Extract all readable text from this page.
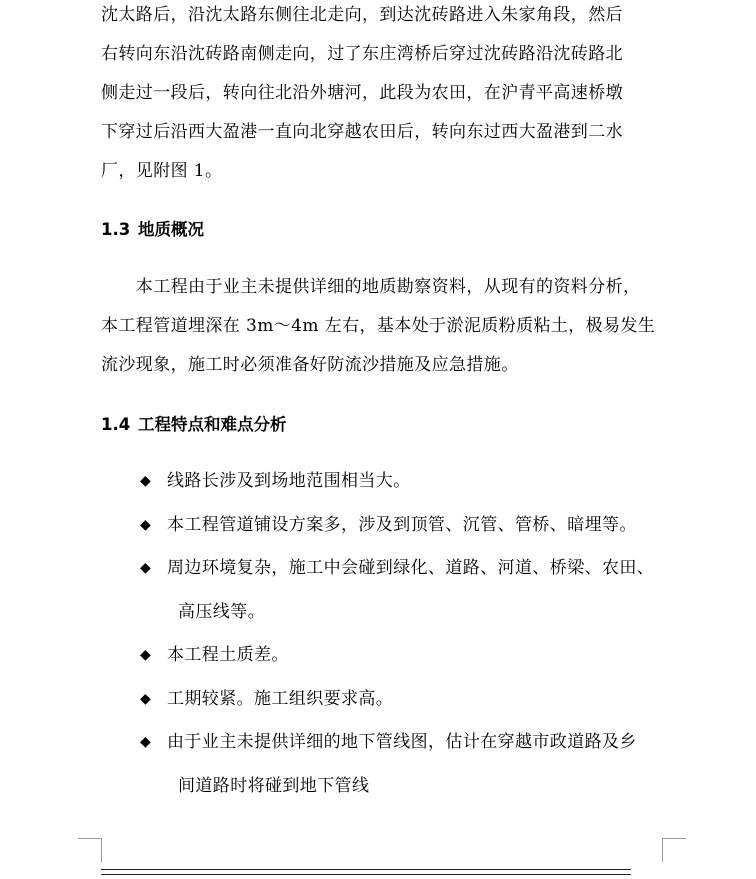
沈太路后，沿沈太路东侧往北走向，到达沈砖路进入朱家角段，然后
右转向东沿沈砖路南侧走向，过了东庄湾桥后穿过沈砖路沿沈砖路北
侧走过一段后，转向往北沿外塘河，此段为农田，在沪青平高速桥墩
下穿过后沿西大盈港一直向北穿越农田后，转向东过西大盈港到二水
厂，见附图 1。
1.3 地质概况
　　本工程由于业主未提供详细的地质勘察资料，从现有的资料分析，
本工程管道埋深在 3m～4m 左右，基本处于淤泥质粉质粘土，极易发生
流沙现象，施工时必须准备好防流沙措施及应急措施。
1.4 工程特点和难点分析
◆ 线路长涉及到场地范围相当大。
◆ 本工程管道铺设方案多，涉及到顶管、沉管、管桥、暗埋等。
◆ 周边环境复杂，施工中会碰到绿化、道路、河道、桥梁、农田、
高压线等。
◆ 本工程土质差。
◆ 工期较紧。施工组织要求高。
◆ 由于业主未提供详细的地下管线图，估计在穿越市政道路及乡
间道路时将碰到地下管线
